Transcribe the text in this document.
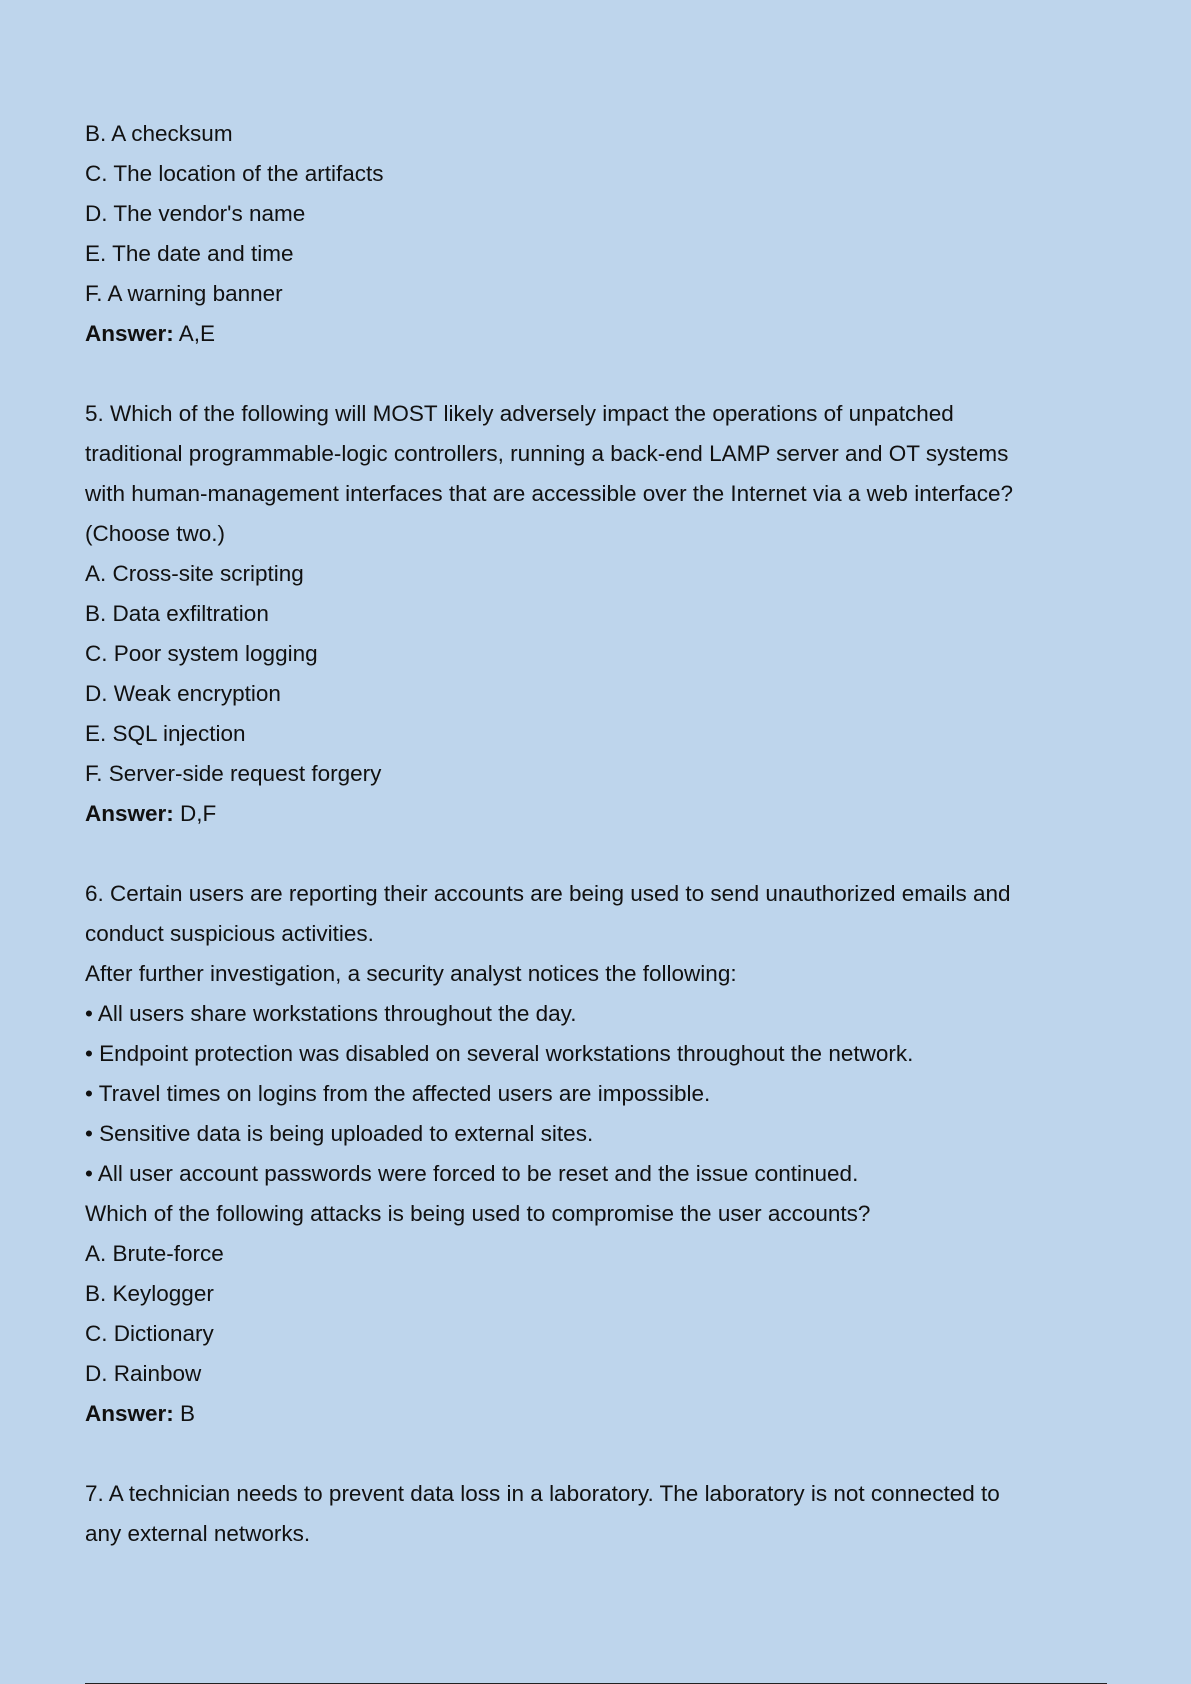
B. A checksum
C. The location of the artifacts
D. The vendor's name
E. The date and time
F. A warning banner
Answer: A,E
5. Which of the following will MOST likely adversely impact the operations of unpatched
traditional programmable-logic controllers, running a back-end LAMP server and OT systems
with human-management interfaces that are accessible over the Internet via a web interface?
(Choose two.)
A. Cross-site scripting
B. Data exfiltration
C. Poor system logging
D. Weak encryption
E. SQL injection
F. Server-side request forgery
Answer: D,F
6. Certain users are reporting their accounts are being used to send unauthorized emails and
conduct suspicious activities.
After further investigation, a security analyst notices the following:
• All users share workstations throughout the day.
• Endpoint protection was disabled on several workstations throughout the network.
• Travel times on logins from the affected users are impossible.
• Sensitive data is being uploaded to external sites.
• All user account passwords were forced to be reset and the issue continued.
Which of the following attacks is being used to compromise the user accounts?
A. Brute-force
B. Keylogger
C. Dictionary
D. Rainbow
Answer: B
7. A technician needs to prevent data loss in a laboratory. The laboratory is not connected to
any external networks.
